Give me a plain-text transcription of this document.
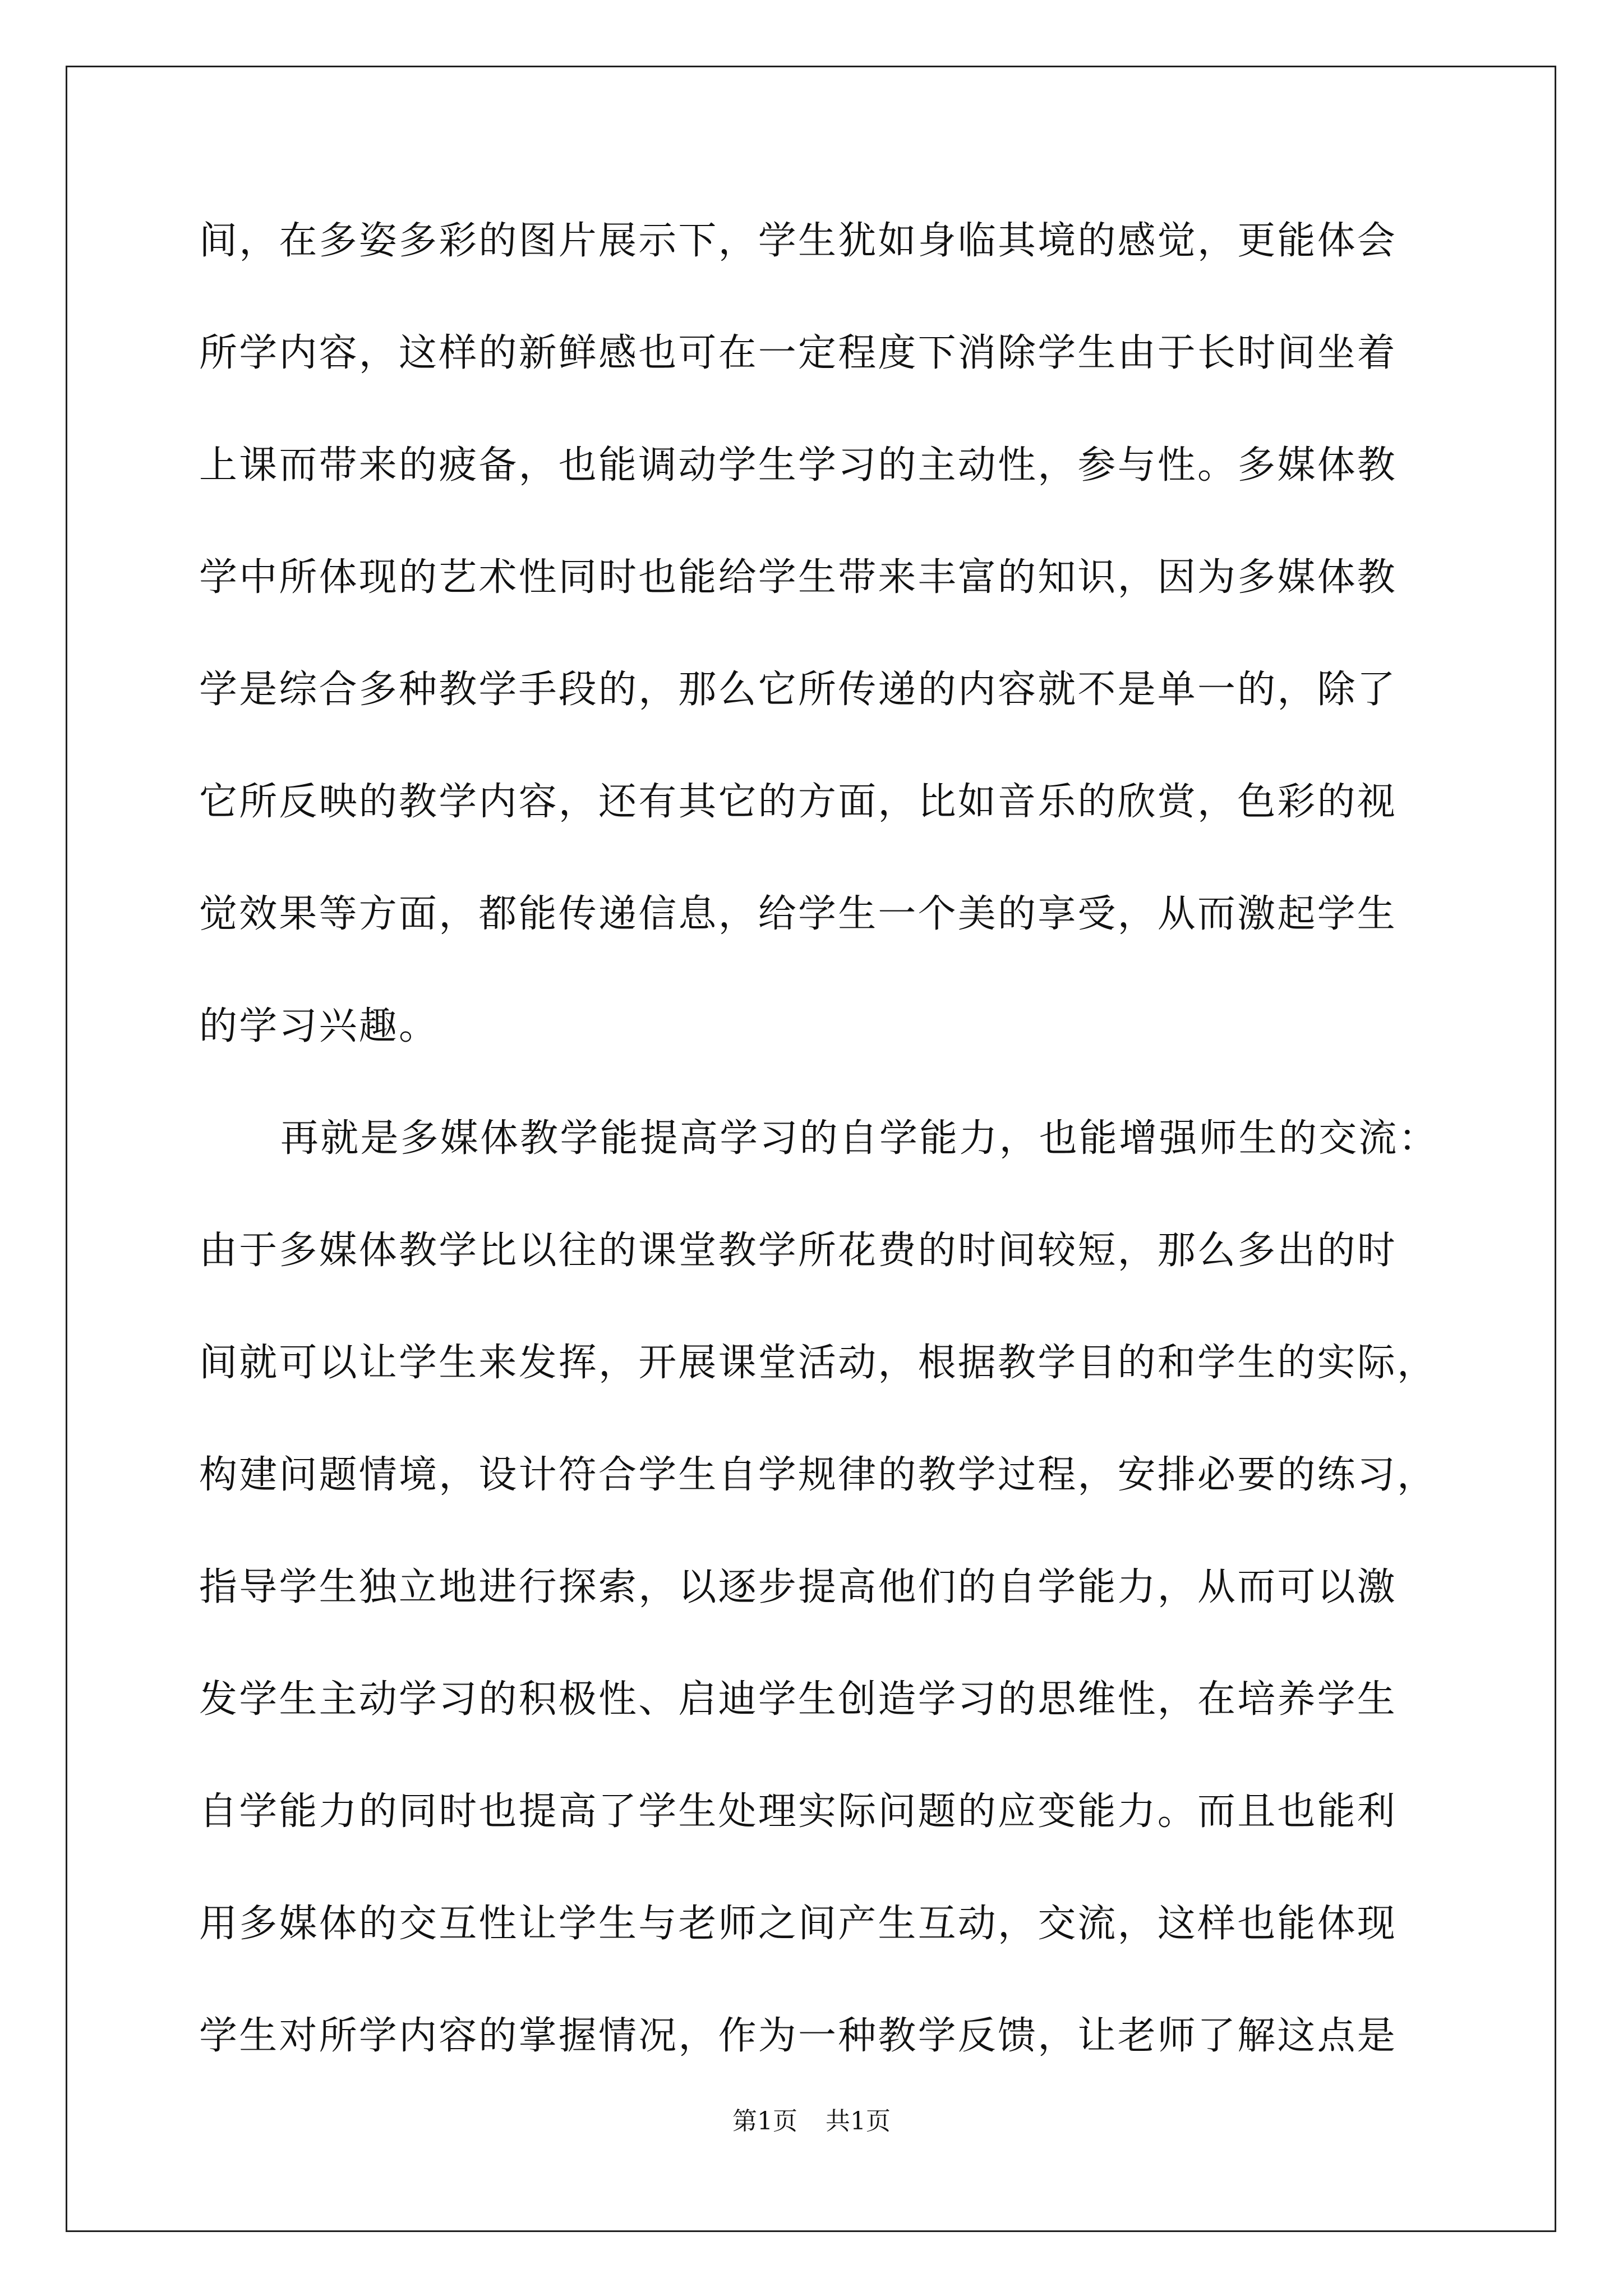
间，在多姿多彩的图片展示下，学生犹如身临其境的感觉，更能体会
所学内容，这样的新鲜感也可在一定程度下消除学生由于长时间坐着
上课而带来的疲备，也能调动学生学习的主动性，参与性。多媒体教
学中所体现的艺术性同时也能给学生带来丰富的知识，因为多媒体教
学是综合多种教学手段的，那么它所传递的内容就不是单一的，除了
它所反映的教学内容，还有其它的方面，比如音乐的欣赏，色彩的视
觉效果等方面，都能传递信息，给学生一个美的享受，从而激起学生
的学习兴趣。
再就是多媒体教学能提高学习的自学能力，也能增强师生的交流：
由于多媒体教学比以往的课堂教学所花费的时间较短，那么多出的时
间就可以让学生来发挥，开展课堂活动，根据教学目的和学生的实际，
构建问题情境，设计符合学生自学规律的教学过程，安排必要的练习，
指导学生独立地进行探索，以逐步提高他们的自学能力，从而可以激
发学生主动学习的积极性、启迪学生创造学习的思维性，在培养学生
自学能力的同时也提高了学生处理实际问题的应变能力。而且也能利
用多媒体的交互性让学生与老师之间产生互动，交流，这样也能体现
学生对所学内容的掌握情况，作为一种教学反馈，让老师了解这点是
第1页 共1页
